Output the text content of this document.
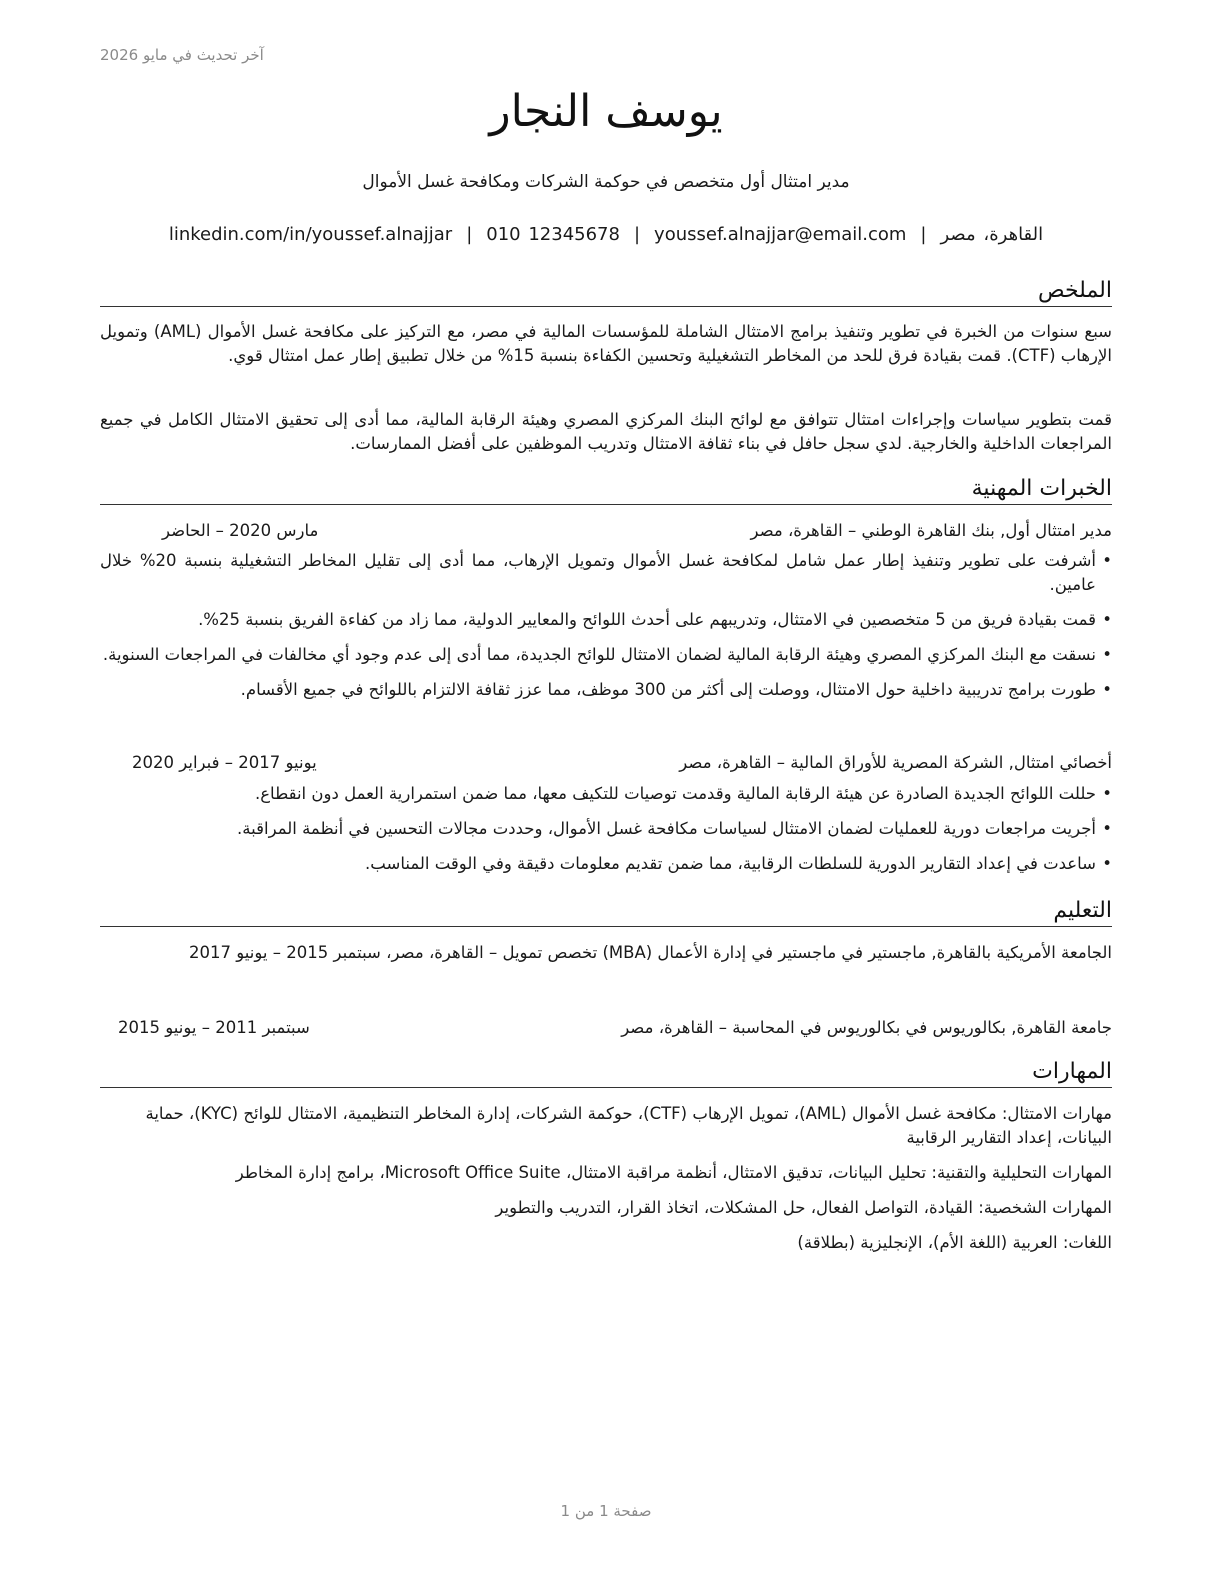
آخر تحديث في مايو 2026
يوسف النجار
مدير امتثال أول متخصص في حوكمة الشركات ومكافحة غسل الأموال
القاهرة، مصر|youssef.alnajjar@email.com|010 12345678|linkedin.com/in/youssef.alnajjar
الملخص

سبع سنوات من الخبرة في تطوير وتنفيذ برامج الامتثال الشاملة للمؤسسات المالية في مصر، مع التركيز على مكافحة غسل الأموال (AML) وتمويل الإرهاب (CTF). قمت بقيادة فرق للحد من المخاطر التشغيلية وتحسين الكفاءة بنسبة 15% من خلال تطبيق إطار عمل امتثال قوي.

قمت بتطوير سياسات وإجراءات امتثال تتوافق مع لوائح البنك المركزي المصري وهيئة الرقابة المالية، مما أدى إلى تحقيق الامتثال الكامل في جميع المراجعات الداخلية والخارجية. لدي سجل حافل في بناء ثقافة الامتثال وتدريب الموظفين على أفضل الممارسات.

الخبرات المهنية
مدير امتثال أول, بنك القاهرة الوطني – القاهرة، مصر
مارس 2020 – الحاضر
• أشرفت على تطوير وتنفيذ إطار عمل شامل لمكافحة غسل الأموال وتمويل الإرهاب، مما أدى إلى تقليل المخاطر التشغيلية بنسبة 20% خلال عامين.
• قمت بقيادة فريق من 5 متخصصين في الامتثال، وتدريبهم على أحدث اللوائح والمعايير الدولية، مما زاد من كفاءة الفريق بنسبة 25%.
• نسقت مع البنك المركزي المصري وهيئة الرقابة المالية لضمان الامتثال للوائح الجديدة، مما أدى إلى عدم وجود أي مخالفات في المراجعات السنوية.
• طورت برامج تدريبية داخلية حول الامتثال، ووصلت إلى أكثر من 300 موظف، مما عزز ثقافة الالتزام باللوائح في جميع الأقسام.
أخصائي امتثال, الشركة المصرية للأوراق المالية – القاهرة، مصر
يونيو 2017 – فبراير 2020
• حللت اللوائح الجديدة الصادرة عن هيئة الرقابة المالية وقدمت توصيات للتكيف معها، مما ضمن استمرارية العمل دون انقطاع.
• أجريت مراجعات دورية للعمليات لضمان الامتثال لسياسات مكافحة غسل الأموال، وحددت مجالات التحسين في أنظمة المراقبة.
• ساعدت في إعداد التقارير الدورية للسلطات الرقابية، مما ضمن تقديم معلومات دقيقة وفي الوقت المناسب.
التعليم
الجامعة الأمريكية بالقاهرة, ماجستير في ماجستير في إدارة الأعمال (MBA) تخصص تمويل – القاهرة، مصر، سبتمبر 2015 – يونيو 2017
جامعة القاهرة, بكالوريوس في بكالوريوس في المحاسبة – القاهرة، مصر
سبتمبر 2011 – يونيو 2015
المهارات

مهارات الامتثال: مكافحة غسل الأموال (AML)، تمويل الإرهاب (CTF)، حوكمة الشركات، إدارة المخاطر التنظيمية، الامتثال للوائح (KYC)، حماية البيانات، إعداد التقارير الرقابية

المهارات التحليلية والتقنية: تحليل البيانات، تدقيق الامتثال، أنظمة مراقبة الامتثال، Microsoft Office Suite، برامج إدارة المخاطر

المهارات الشخصية: القيادة، التواصل الفعال، حل المشكلات، اتخاذ القرار، التدريب والتطوير

اللغات: العربية (اللغة الأم)، الإنجليزية (بطلاقة)

صفحة 1 من 1
